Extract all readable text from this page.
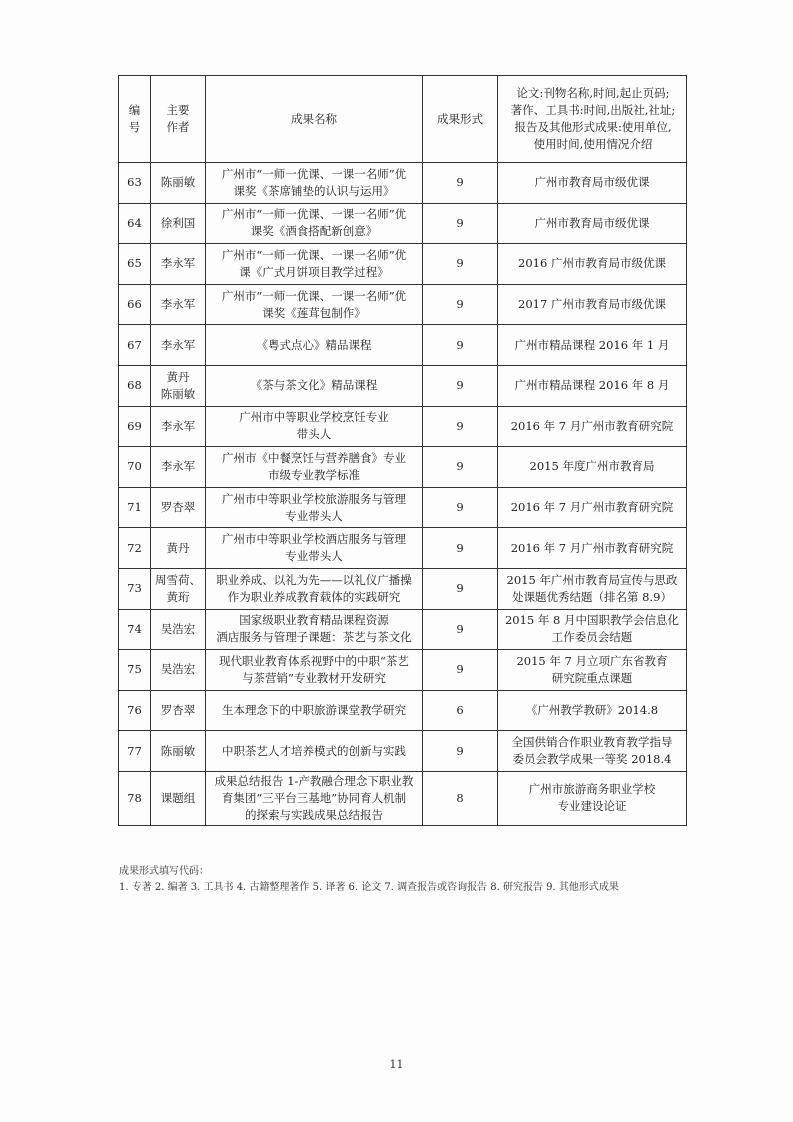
编
号	主要
作者	成果名称	成果形式	论文:刊物名称,时间,起止页码;
著作、工具书:时间,出版社,社址;
报告及其他形式成果:使用单位,
使用时间,使用情况介绍
63	陈丽敏	广州市“一师一优课、一课一名师”优
课奖《茶席铺垫的认识与运用》	9	广州市教育局市级优课
64	徐利国	广州市“一师一优课、一课一名师”优
课奖《酒食搭配新创意》	9	广州市教育局市级优课
65	李永军	广州市“一师一优课、一课一名师”优
课《广式月饼项目教学过程》	9	2016 广州市教育局市级优课
66	李永军	广州市“一师一优课、一课一名师”优
课奖《莲茸包制作》	9	2017 广州市教育局市级优课
67	李永军	《粤式点心》精品课程	9	广州市精品课程 2016 年 1 月
68	黄丹
陈丽敏	《茶与茶文化》精品课程	9	广州市精品课程 2016 年 8 月
69	李永军	广州市中等职业学校烹饪专业
带头人	9	2016 年 7 月广州市教育研究院
70	李永军	广州市《中餐烹饪与营养膳食》专业
市级专业教学标准	9	2015 年度广州市教育局
71	罗杏翠	广州市中等职业学校旅游服务与管理
专业带头人	9	2016 年 7 月广州市教育研究院
72	黄丹	广州市中等职业学校酒店服务与管理
专业带头人	9	2016 年 7 月广州市教育研究院
73	周雪荷、
黄珩	职业养成、以礼为先——以礼仪广播操
作为职业养成教育载体的实践研究	9	2015 年广州市教育局宣传与思政
处课题优秀结题（排名第 8.9）
74	吴浩宏	国家级职业教育精品课程资源
酒店服务与管理子课题：茶艺与茶文化	9	2015 年 8 月中国职教学会信息化
工作委员会结题
75	吴浩宏	现代职业教育体系视野中的中职“茶艺
与茶营销”专业教材开发研究	9	2015 年 7 月立项广东省教育
研究院重点课题
76	罗杏翠	生本理念下的中职旅游课堂教学研究	6	《广州教学教研》2014.8
77	陈丽敏	中职茶艺人才培养模式的创新与实践	9	全国供销合作职业教育教学指导
委员会教学成果一等奖 2018.4
78	课题组	成果总结报告 1-产教融合理念下职业教
育集团“三平台三基地”协同育人机制
的探索与实践成果总结报告	8	广州市旅游商务职业学校
专业建设论证
成果形式填写代码：
1. 专著 2. 编著 3. 工具书 4. 古籍整理著作 5. 译著 6. 论文 7. 调查报告或咨询报告 8. 研究报告 9. 其他形式成果
11
